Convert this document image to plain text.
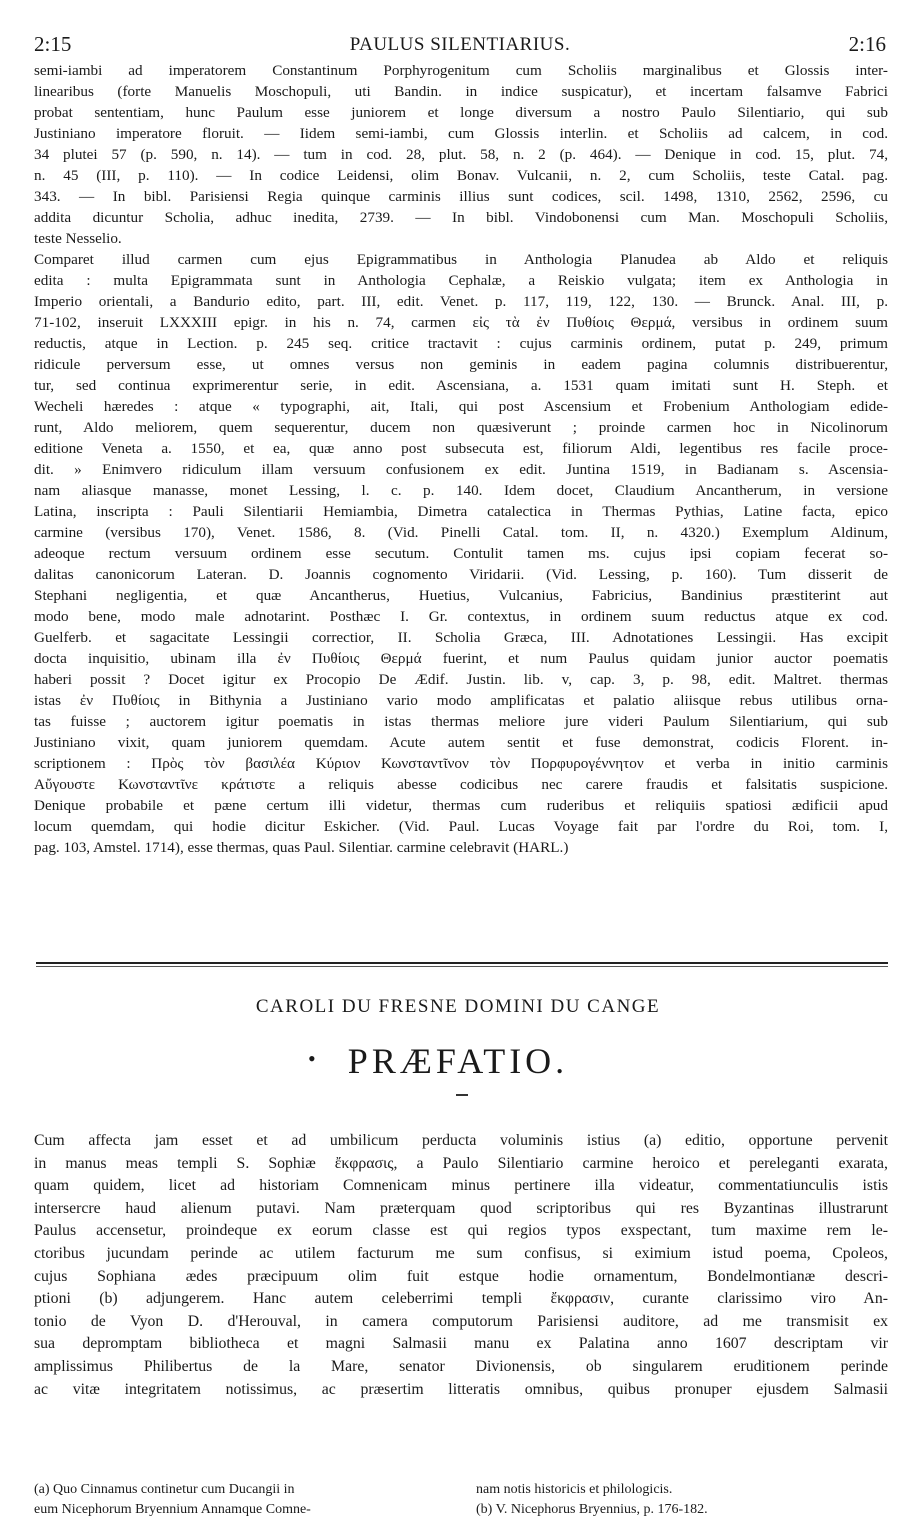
2:15	PAULUS SILENTIARIUS.	2:16
semi-iambi ad imperatorem Constantinum Porphyrogenitum cum Scholiis marginalibus et Glossis inter-
linearibus (forte Manuelis Moschopuli, uti Bandin. in indice suspicatur), et incertam falsamve Fabrici
probat sententiam, hunc Paulum esse juniorem et longe diversum a nostro Paulo Silentiario, qui sub
Justiniano imperatore floruit. — Iidem semi-iambi, cum Glossis interlin. et Scholiis ad calcem, in cod.
34 plutei 57 (p. 590, n. 14). — tum in cod. 28, plut. 58, n. 2 (p. 464). — Denique in cod. 15, plut. 74,
n. 45 (III, p. 110). — In codice Leidensi, olim Bonav. Vulcanii, n. 2, cum Scholiis, teste Catal. pag.
343. — In bibl. Parisiensi Regia quinque carminis illius sunt codices, scil. 1498, 1310, 2562, 2596, cu
addita dicuntur Scholia, adhuc inedita, 2739. — In bibl. Vindobonensi cum Man. Moschopuli Scholiis,
teste Nesselio.
Comparet illud carmen cum ejus Epigrammatibus in Anthologia Planudea ab Aldo et reliquis
edita : multa Epigrammata sunt in Anthologia Cephalæ, a Reiskio vulgata; item ex Anthologia in
Imperio orientali, a Bandurio edito, part. III, edit. Venet. p. 117, 119, 122, 130. — Brunck. Anal. III, p.
71-102, inseruit LXXXIII epigr. in his n. 74, carmen εἰς τὰ ἐν Πυθίοις Θερμά, versibus in ordinem suum
reductis, atque in Lection. p. 245 seq. critice tractavit : cujus carminis ordinem, putat p. 249, primum
ridicule perversum esse, ut omnes versus non geminis in eadem pagina columnis distribuerentur,
tur, sed continua exprimerentur serie, in edit. Ascensiana, a. 1531 quam imitati sunt H. Steph. et
Wecheli hæredes : atque « typographi, ait, Itali, qui post Ascensium et Frobenium Anthologiam edide-
runt, Aldo meliorem, quem sequerentur, ducem non quæsiverunt ; proinde carmen hoc in Nicolinorum
editione Veneta a. 1550, et ea, quæ anno post subsecuta est, filiorum Aldi, legentibus res facile proce-
dit. » Enimvero ridiculum illam versuum confusionem ex edit. Juntina 1519, in Badianam s. Ascensia-
nam aliasque manasse, monet Lessing, l. c. p. 140. Idem docet, Claudium Ancantherum, in versione
Latina, inscripta : Pauli Silentiarii Hemiambia, Dimetra catalectica in Thermas Pythias, Latine facta, epico
carmine (versibus 170), Venet. 1586, 8. (Vid. Pinelli Catal. tom. II, n. 4320.) Exemplum Aldinum,
adeoque rectum versuum ordinem esse secutum. Contulit tamen ms. cujus ipsi copiam fecerat so-
dalitas canonicorum Lateran. D. Joannis cognomento Viridarii. (Vid. Lessing, p. 160). Tum disserit de
Stephani negligentia, et quæ Ancantherus, Huetius, Vulcanius, Fabricius, Bandinius præstiterint aut
modo bene, modo male adnotarint. Posthæc I. Gr. contextus, in ordinem suum reductus atque ex cod.
Guelferb. et sagacitate Lessingii correctior, II. Scholia Græca, III. Adnotationes Lessingii. Has excipit
docta inquisitio, ubinam illa ἐν Πυθίοις Θερμά fuerint, et num Paulus quidam junior auctor poematis
haberi possit ? Docet igitur ex Procopio De Ædif. Justin. lib. v, cap. 3, p. 98, edit. Maltret. thermas
istas ἐν Πυθίοις in Bithynia a Justiniano vario modo amplificatas et palatio aliisque rebus utilibus orna-
tas fuisse ; auctorem igitur poematis in istas thermas meliore jure videri Paulum Silentiarium, qui sub
Justiniano vixit, quam juniorem quemdam. Acute autem sentit et fuse demonstrat, codicis Florent. in-
scriptionem : Πρὸς τὸν βασιλέα Κύριον Κωνσταντῖνον τὸν Πορφυρογέννητον et verba in initio carminis
Αὔγουστε Κωνσταντῖνε κράτιστε a reliquis abesse codicibus nec carere fraudis et falsitatis suspicione.
Denique probabile et pæne certum illi videtur, thermas cum ruderibus et reliquiis spatiosi ædificii apud
locum quemdam, qui hodie dicitur Eskicher. (Vid. Paul. Lucas Voyage fait par l'ordre du Roi, tom. I,
pag. 103, Amstel. 1714), esse thermas, quas Paul. Silentiar. carmine celebravit (HARL.)
CAROLI DU FRESNE DOMINI DU CANGE
• PRÆFATIO.
Cum affecta jam esset et ad umbilicum perducta voluminis istius (a) editio, opportune pervenit
in manus meas templi S. Sophiæ ἔκφρασις, a Paulo Silentiario carmine heroico et pereleganti exarata,
quam quidem, licet ad historiam Comnenicam minus pertinere illa videatur, commentatiunculis istis
intersercre haud alienum putavi. Nam præterquam quod scriptoribus qui res Byzantinas illustrarunt
Paulus accensetur, proindeque ex eorum classe est qui regios typos exspectant, tum maxime rem le-
ctoribus jucundam perinde ac utilem facturum me sum confisus, si eximium istud poema, Cpoleos,
cujus Sophiana ædes præcipuum olim fuit estque hodie ornamentum, Bondelmontianæ descri-
ptioni (b) adjungerem. Hanc autem celeberrimi templi ἔκφρασιν, curante clarissimo viro An-
tonio de Vyon D. d'Herouval, in camera computorum Parisiensi auditore, ad me transmisit ex
sua depromptam bibliotheca et magni Salmasii manu ex Palatina anno 1607 descriptam vir
amplissimus Philibertus de la Mare, senator Divionensis, ob singularem eruditionem perinde
ac vitæ integritatem notissimus, ac præsertim litteratis omnibus, quibus pronuper ejusdem Salmasii
(a) Quo Cinnamus continetur cum Ducangii in
eum Nicephorum Bryennium Annamque Comne-
nam notis historicis et philologicis.
(b) V. Nicephorus Bryennius, p. 176-182.
